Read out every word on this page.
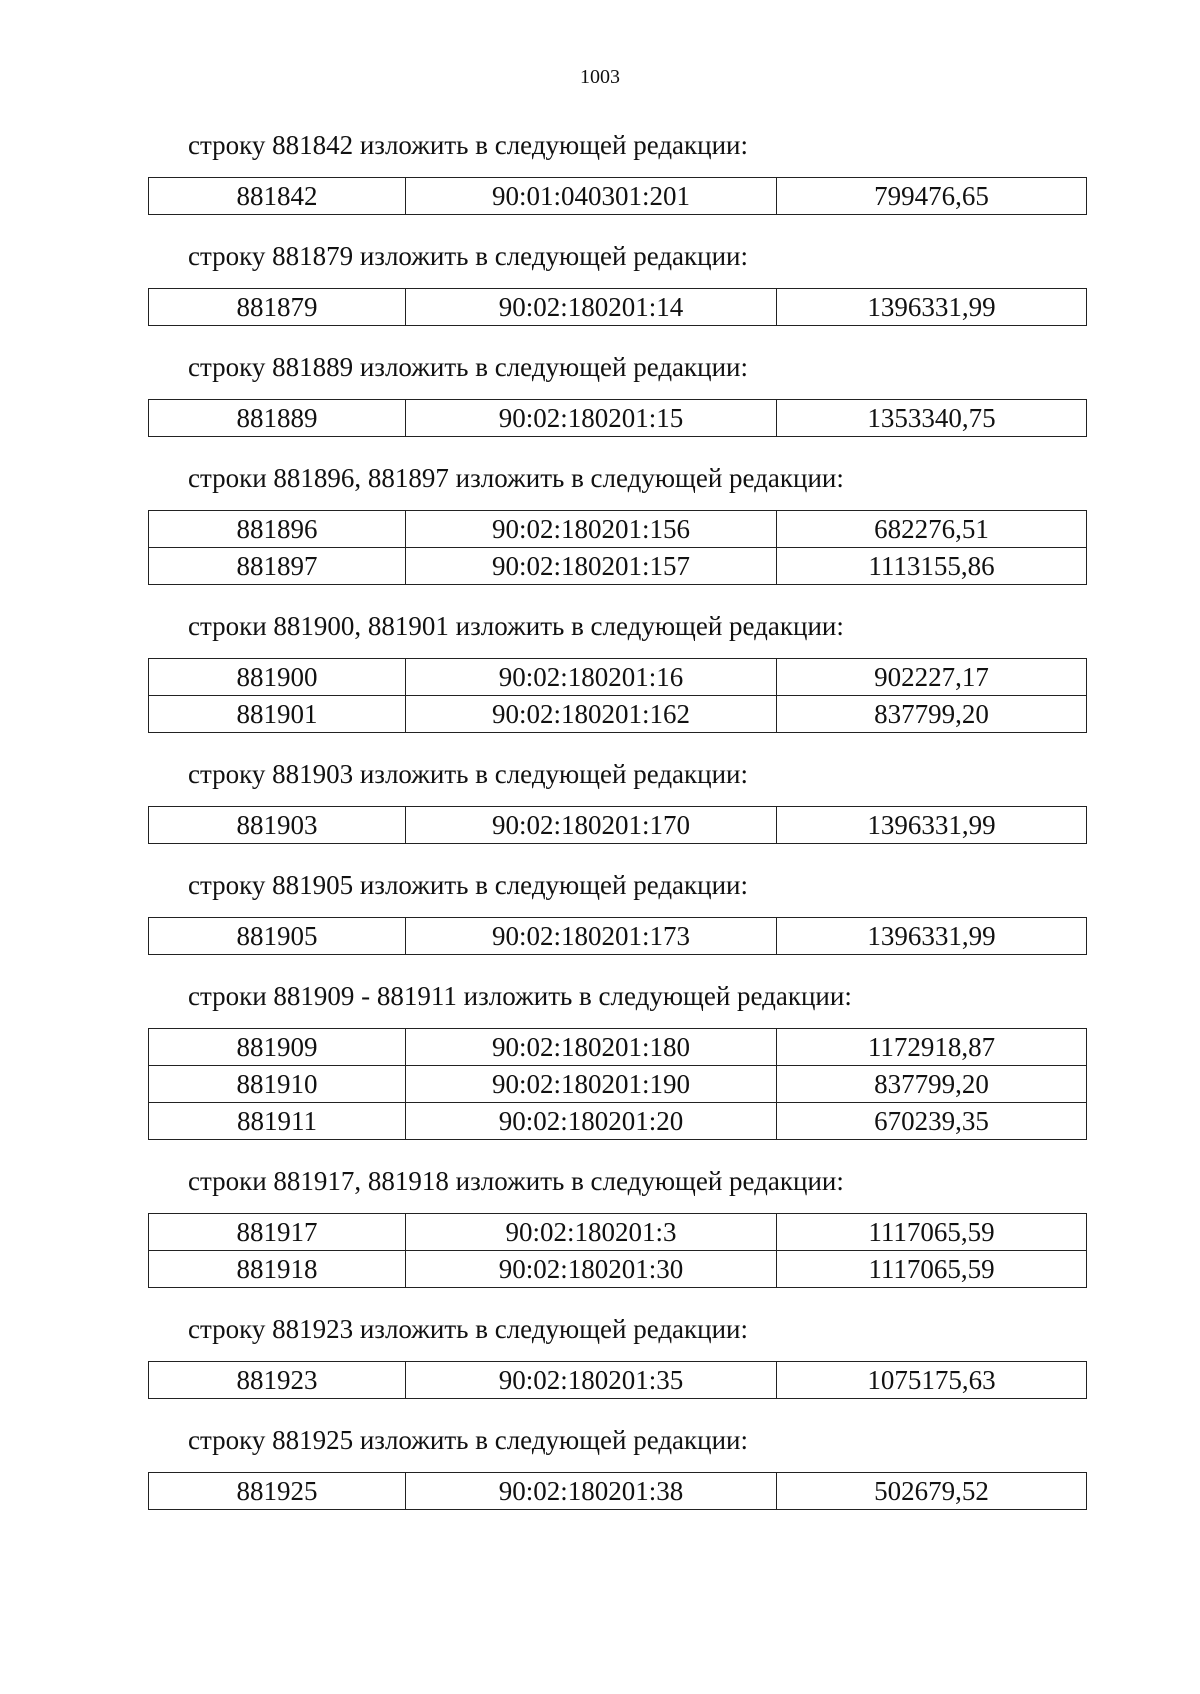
1003

строку 881842 изложить в следующей редакции:

881842	90:01:040301:201	799476,65

строку 881879 изложить в следующей редакции:

881879	90:02:180201:14	1396331,99

строку 881889 изложить в следующей редакции:

881889	90:02:180201:15	1353340,75

строки 881896, 881897 изложить в следующей редакции:

881896	90:02:180201:156	682276,51
881897	90:02:180201:157	1113155,86

строки 881900, 881901 изложить в следующей редакции:

881900	90:02:180201:16	902227,17
881901	90:02:180201:162	837799,20

строку 881903 изложить в следующей редакции:

881903	90:02:180201:170	1396331,99

строку 881905 изложить в следующей редакции:

881905	90:02:180201:173	1396331,99

строки 881909 - 881911 изложить в следующей редакции:

881909	90:02:180201:180	1172918,87
881910	90:02:180201:190	837799,20
881911	90:02:180201:20	670239,35

строки 881917, 881918 изложить в следующей редакции:

881917	90:02:180201:3	1117065,59
881918	90:02:180201:30	1117065,59

строку 881923 изложить в следующей редакции:

881923	90:02:180201:35	1075175,63

строку 881925 изложить в следующей редакции:

881925	90:02:180201:38	502679,52
